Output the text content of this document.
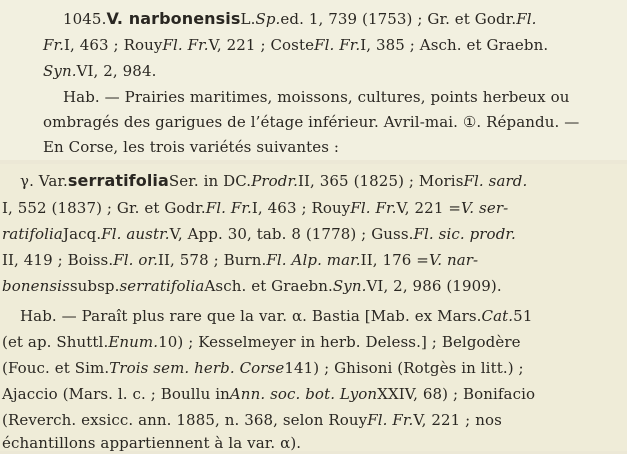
1045.V. narbonensisL.Sp.ed. 1, 739 (1753) ; Gr. et Godr.Fl.
Fr.I, 463 ; RouyFl. Fr.V, 221 ; CosteFl. Fr.I, 385 ; Asch. et Graebn.
Syn.VI, 2, 984.
Hab. — Prairies maritimes, moissons, cultures, points herbeux ou
ombragés des garigues de l’étage inférieur. Avril-mai. ①. Répandu. —
En Corse, les trois variétés suivantes :
γ. Var.serratifoliaSer. in DC.Prodr.II, 365 (1825) ; MorisFl. sard.
I, 552 (1837) ; Gr. et Godr.Fl. Fr.I, 463 ; RouyFl. Fr.V, 221 =V. ser-
ratifoliaJacq.Fl. austr.V, App. 30, tab. 8 (1778) ; Guss.Fl. sic. prodr.
II, 419 ; Boiss.Fl. or.II, 578 ; Burn.Fl. Alp. mar.II, 176 =V. nar-
bonensissubsp.serratifoliaAsch. et Graebn.Syn.VI, 2, 986 (1909).
Hab. — Paraît plus rare que la var. α. Bastia [Mab. ex Mars.Cat.51
(et ap. Shuttl.Enum.10) ; Kesselmeyer in herb. Deless.] ; Belgodère
(Fouc. et Sim.Trois sem. herb. Corse141) ; Ghisoni (Rotgès in litt.) ;
Ajaccio (Mars. l. c. ; Boullu inAnn. soc. bot. LyonXXIV, 68) ; Bonifacio
(Reverch. exsicc. ann. 1885, n. 368, selon RouyFl. Fr.V, 221 ; nos
échantillons appartiennent à la var. α).
